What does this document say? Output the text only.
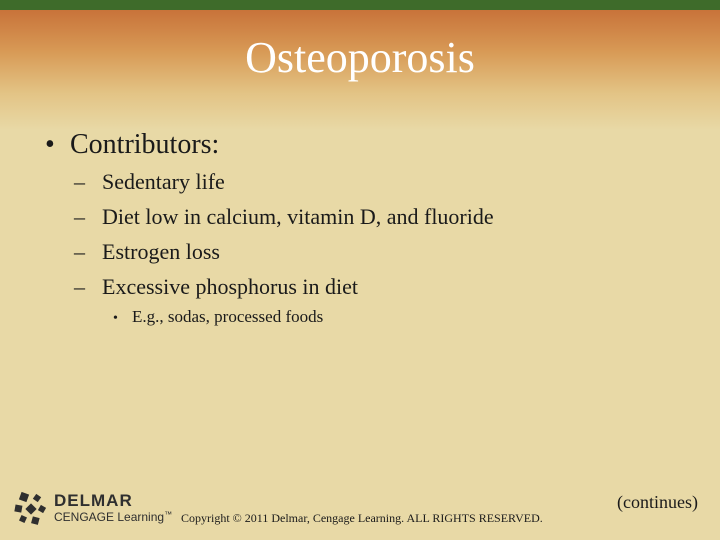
Osteoporosis
• Contributors:
– Sedentary life
– Diet low in calcium, vitamin D, and fluoride
– Estrogen loss
– Excessive phosphorus in diet
• E.g., sodas, processed foods
DELMAR
CENGAGE Learning™ Copyright © 2011 Delmar, Cengage Learning. ALL RIGHTS RESERVED.
(continues)
